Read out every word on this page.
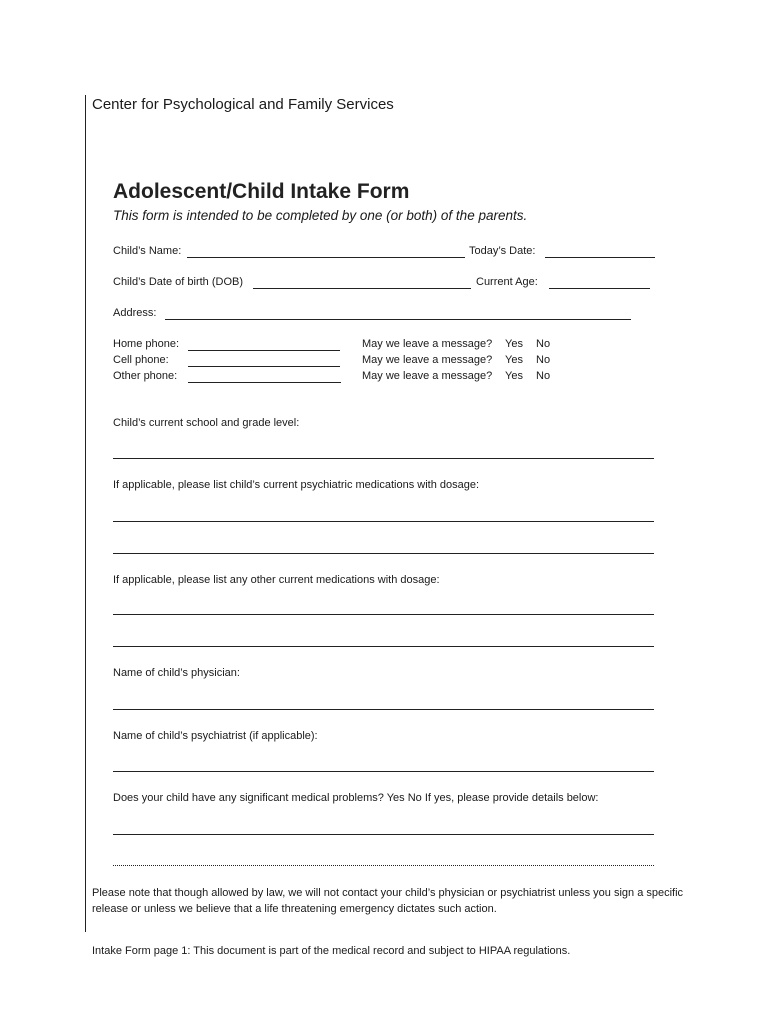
Center for Psychological and Family Services
Adolescent/Child Intake Form
This form is intended to be completed by one (or both) of the parents.
Child’s Name:	Today’s Date:
Child’s Date of birth (DOB)	Current Age:
Address:
Home phone:	May we leave a message? Yes No
Cell phone:	May we leave a message? Yes No
Other phone:	May we leave a message? Yes No
Child’s current school and grade level:
If applicable, please list child’s current psychiatric medications with dosage:
If applicable, please list any other current medications with dosage:
Name of child’s physician:
Name of child’s psychiatrist (if applicable):
Does your child have any significant medical problems? Yes No If yes, please provide details below:
Please note that though allowed by law, we will not contact your child’s physician or psychiatrist unless you sign a specific release or unless we believe that a life threatening emergency dictates such action.
Intake Form page 1: This document is part of the medical record and subject to HIPAA regulations.
